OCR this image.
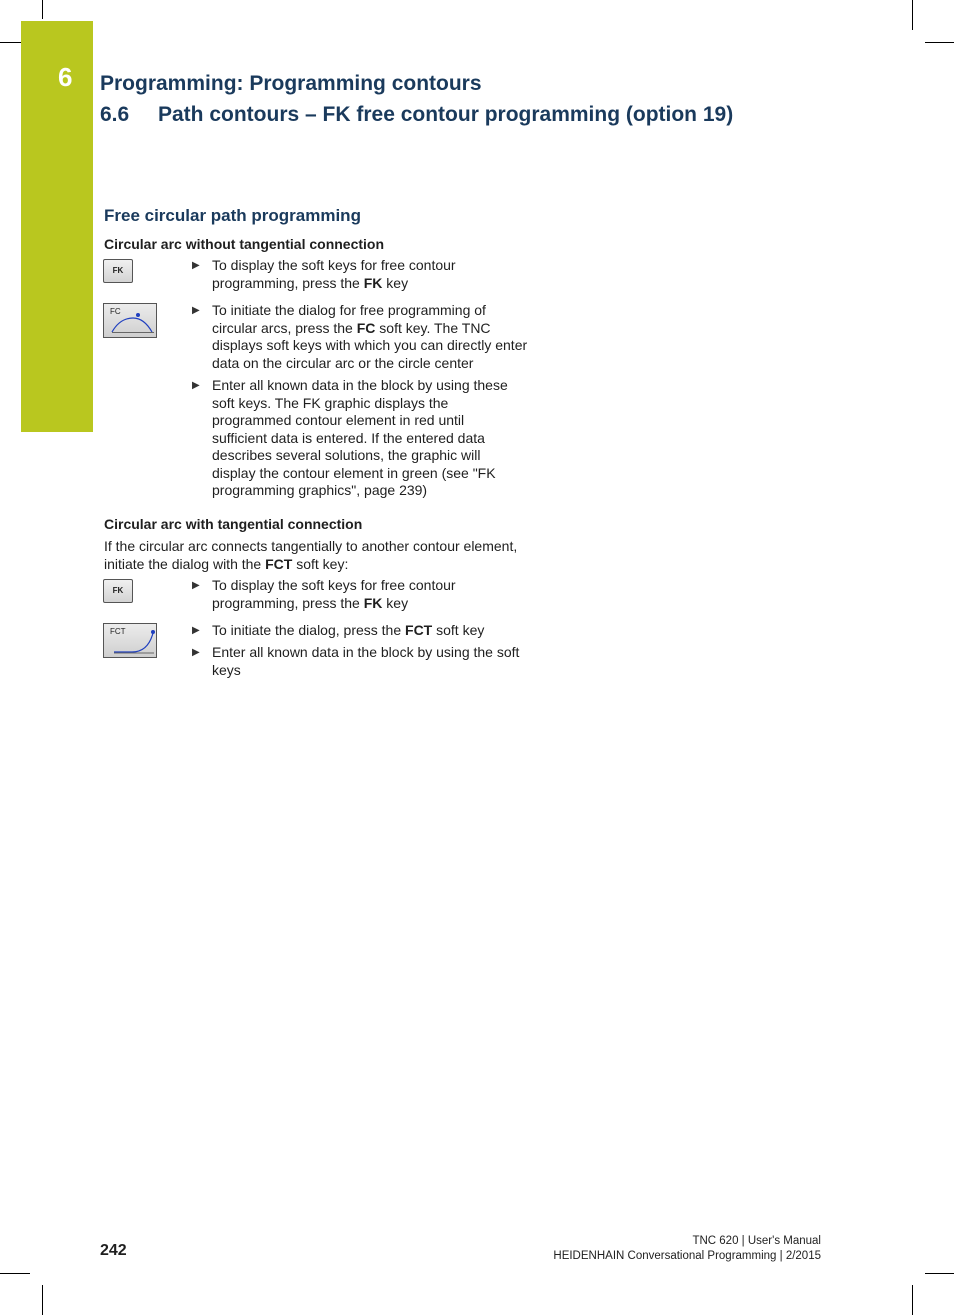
6 Programming: Programming contours
6.6 Path contours – FK free contour programming (option 19)
Free circular path programming
Circular arc without tangential connection
FK	▶ To display the soft keys for free contour programming, press the FK key
FC	▶ To initiate the dialog for free programming of circular arcs, press the FC soft key. The TNC displays soft keys with which you can directly enter data on the circular arc or the circle center
▶ Enter all known data in the block by using these soft keys. The FK graphic displays the programmed contour element in red until sufficient data is entered. If the entered data describes several solutions, the graphic will display the contour element in green (see "FK programming graphics", page 239)
Circular arc with tangential connection
If the circular arc connects tangentially to another contour element, initiate the dialog with the FCT soft key:
FK	▶ To display the soft keys for free contour programming, press the FK key
FCT	▶ To initiate the dialog, press the FCT soft key
▶ Enter all known data in the block by using the soft keys
242
TNC 620 | User's Manual
HEIDENHAIN Conversational Programming | 2/2015
